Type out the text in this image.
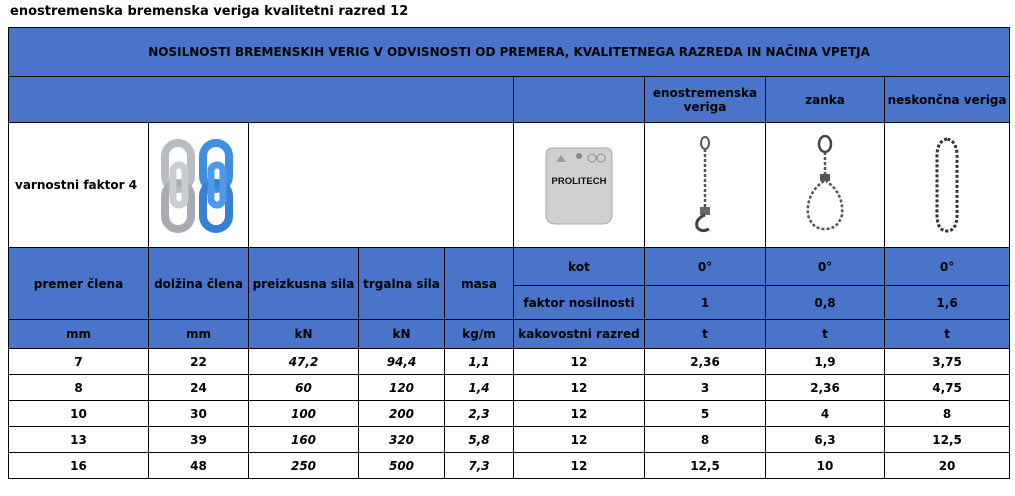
enostremenska bremenska veriga kvalitetni razred 12
NOSILNOSTI BREMENSKIH VERIG V ODVISNOSTI OD PREMERA, KVALITETNEGA RAZREDA IN NAČINA VPETJA								
						enostremenska veriga	zanka	neskončna veriga
varnostni faktor 4					PROLITECH

premer člena	dolžina člena	preizkusna sila	trgalna sila	masa	kot	0°	0°	0°
					faktor nosilnosti	1	0,8	1,6
mm	mm	kN	kN	kg/m	kakovostni razred	t	t	t
7	22	47,2	94,4	1,1	12	2,36	1,9	3,75
8	24	60	120	1,4	12	3	2,36	4,75
10	30	100	200	2,3	12	5	4	8
13	39	160	320	5,8	12	8	6,3	12,5
16	48	250	500	7,3	12	12,5	10	20
